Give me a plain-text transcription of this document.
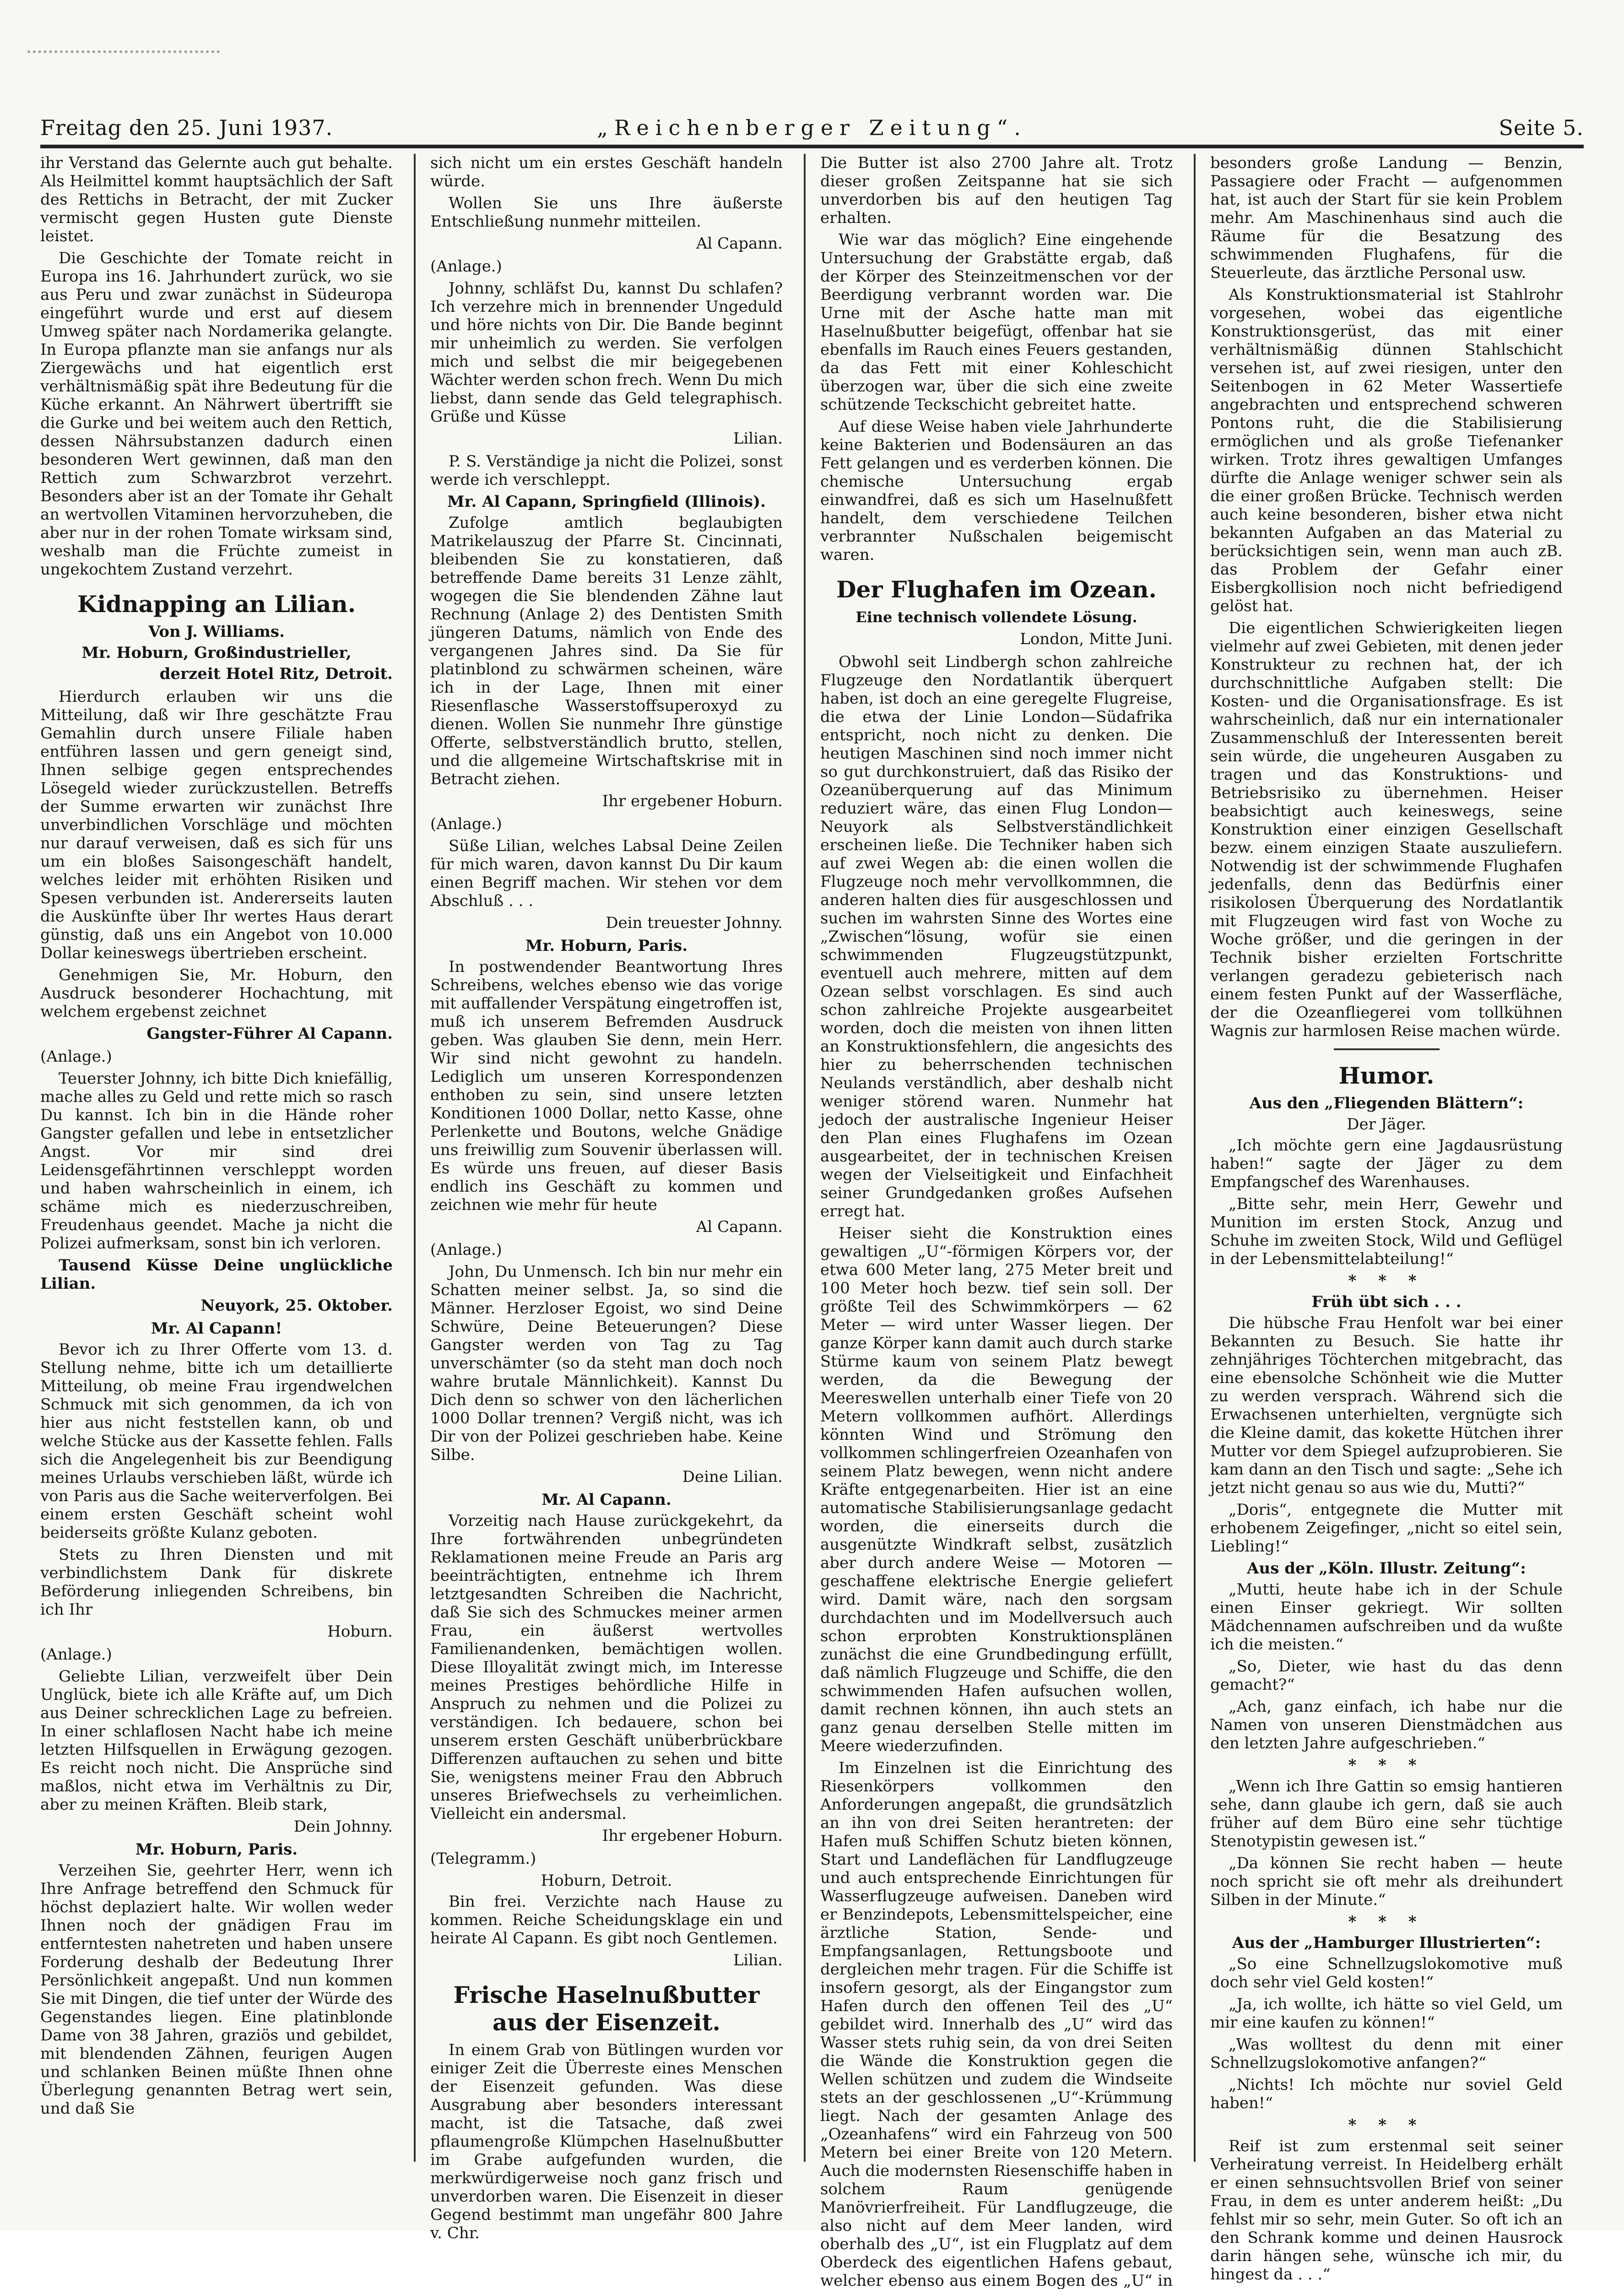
Freitag den 25. Juni 1937.	„Reichenberger Zeitung“.	Seite 5.

ihr Verstand das Gelernte auch gut behalte. Als Heilmittel kommt hauptsächlich der Saft des Rettichs in Betracht, der mit Zucker vermischt gegen Husten gute Dienste leistet.

Die Geschichte der Tomate reicht in Europa ins 16. Jahrhundert zurück, wo sie aus Peru und zwar zunächst in Südeuropa eingeführt wurde und erst auf diesem Umweg später nach Nordamerika gelangte. In Europa pflanzte man sie anfangs nur als Ziergewächs und hat eigentlich erst verhältnismäßig spät ihre Bedeutung für die Küche erkannt. An Nährwert übertrifft sie die Gurke und bei weitem auch den Rettich, dessen Nährsubstanzen dadurch einen besonderen Wert gewinnen, daß man den Rettich zum Schwarzbrot verzehrt. Besonders aber ist an der Tomate ihr Gehalt an wertvollen Vitaminen hervorzuheben, die aber nur in der rohen Tomate wirksam sind, weshalb man die Früchte zumeist in ungekochtem Zustand verzehrt.

Kidnapping an Lilian.
Von J. Williams.
Mr. Hoburn, Großindustrieller,
derzeit Hotel Ritz, Detroit.

Hierdurch erlauben wir uns die Mitteilung, daß wir Ihre geschätzte Frau Gemahlin durch unsere Filiale haben entführen lassen und gern geneigt sind, Ihnen selbige gegen entsprechendes Lösegeld wieder zurückzustellen. Betreffs der Summe erwarten wir zunächst Ihre unverbindlichen Vorschläge und möchten nur darauf verweisen, daß es sich für uns um ein bloßes Saisongeschäft handelt, welches leider mit erhöhten Risiken und Spesen verbunden ist. Andererseits lauten die Auskünfte über Ihr wertes Haus derart günstig, daß uns ein Angebot von 10.000 Dollar keineswegs übertrieben erscheint.

Genehmigen Sie, Mr. Hoburn, den Ausdruck besonderer Hochachtung, mit welchem ergebenst zeichnet

Gangster-Führer Al Capann.

(Anlage.)

Teuerster Johnny, ich bitte Dich kniefällig, mache alles zu Geld und rette mich so rasch Du kannst. Ich bin in die Hände roher Gangster gefallen und lebe in entsetzlicher Angst. Vor mir sind drei Leidensgefährtinnen verschleppt worden und haben wahrscheinlich in einem, ich schäme mich es niederzuschreiben, Freudenhaus geendet. Mache ja nicht die Polizei aufmerksam, sonst bin ich verloren.

Tausend Küsse Deine unglückliche Lilian.

Neuyork, 25. Oktober.
Mr. Al Capann!

Bevor ich zu Ihrer Offerte vom 13. d. Stellung nehme, bitte ich um detaillierte Mitteilung, ob meine Frau irgendwelchen Schmuck mit sich genommen, da ich von hier aus nicht feststellen kann, ob und welche Stücke aus der Kassette fehlen. Falls sich die Angelegenheit bis zur Beendigung meines Urlaubs verschieben läßt, würde ich von Paris aus die Sache weiterverfolgen. Bei einem ersten Geschäft scheint wohl beiderseits größte Kulanz geboten.

Stets zu Ihren Diensten und mit verbindlichstem Dank für diskrete Beförderung inliegenden Schreibens, bin ich Ihr

Hoburn.

(Anlage.)

Geliebte Lilian, verzweifelt über Dein Unglück, biete ich alle Kräfte auf, um Dich aus Deiner schrecklichen Lage zu befreien. In einer schlaflosen Nacht habe ich meine letzten Hilfsquellen in Erwägung gezogen. Es reicht noch nicht. Die Ansprüche sind maßlos, nicht etwa im Verhältnis zu Dir, aber zu meinen Kräften. Bleib stark,

Dein Johnny.
Mr. Hoburn, Paris.

Verzeihen Sie, geehrter Herr, wenn ich Ihre Anfrage betreffend den Schmuck für höchst deplaziert halte. Wir wollen weder Ihnen noch der gnädigen Frau im entferntesten nahetreten und haben unsere Forderung deshalb der Bedeutung Ihrer Persönlichkeit angepaßt. Und nun kommen Sie mit Dingen, die tief unter der Würde des Gegenstandes liegen. Eine platinblonde Dame von 38 Jahren, graziös und gebildet, mit blendenden Zähnen, feurigen Augen und schlanken Beinen müßte Ihnen ohne Überlegung genannten Betrag wert sein, und daß Sie

sich nicht um ein erstes Geschäft handeln würde.

Wollen Sie uns Ihre äußerste Entschließung nunmehr mitteilen.

Al Capann.

(Anlage.)

Johnny, schläfst Du, kannst Du schlafen? Ich verzehre mich in brennender Ungeduld und höre nichts von Dir. Die Bande beginnt mir unheimlich zu werden. Sie verfolgen mich und selbst die mir beigegebenen Wächter werden schon frech. Wenn Du mich liebst, dann sende das Geld telegraphisch. Grüße und Küsse

Lilian.

P. S. Verständige ja nicht die Polizei, sonst werde ich verschleppt.

Mr. Al Capann, Springfield (Illinois).

Zufolge amtlich beglaubigten Matrikelauszug der Pfarre St. Cincinnati, bleibenden Sie zu konstatieren, daß betreffende Dame bereits 31 Lenze zählt, wogegen die Sie blendenden Zähne laut Rechnung (Anlage 2) des Dentisten Smith jüngeren Datums, nämlich von Ende des vergangenen Jahres sind. Da Sie für platinblond zu schwärmen scheinen, wäre ich in der Lage, Ihnen mit einer Riesenflasche Wasserstoffsuperoxyd zu dienen. Wollen Sie nunmehr Ihre günstige Offerte, selbstverständlich brutto, stellen, und die allgemeine Wirtschaftskrise mit in Betracht ziehen.

Ihr ergebener Hoburn.

(Anlage.)

Süße Lilian, welches Labsal Deine Zeilen für mich waren, davon kannst Du Dir kaum einen Begriff machen. Wir stehen vor dem Abschluß . . .

Dein treuester Johnny.
Mr. Hoburn, Paris.

In postwendender Beantwortung Ihres Schreibens, welches ebenso wie das vorige mit auffallender Verspätung eingetroffen ist, muß ich unserem Befremden Ausdruck geben. Was glauben Sie denn, mein Herr. Wir sind nicht gewohnt zu handeln. Lediglich um unseren Korrespondenzen enthoben zu sein, sind unsere letzten Konditionen 1000 Dollar, netto Kasse, ohne Perlenkette und Boutons, welche Gnädige uns freiwillig zum Souvenir überlassen will. Es würde uns freuen, auf dieser Basis endlich ins Geschäft zu kommen und zeichnen wie mehr für heute

Al Capann.

(Anlage.)

John, Du Unmensch. Ich bin nur mehr ein Schatten meiner selbst. Ja, so sind die Männer. Herzloser Egoist, wo sind Deine Schwüre, Deine Beteuerungen? Diese Gangster werden von Tag zu Tag unverschämter (so da steht man doch noch wahre brutale Männlichkeit). Kannst Du Dich denn so schwer von den lächerlichen 1000 Dollar trennen? Vergiß nicht, was ich Dir von der Polizei geschrieben habe. Keine Silbe.

Deine Lilian.
Mr. Al Capann.

Vorzeitig nach Hause zurückgekehrt, da Ihre fortwährenden unbegründeten Reklamationen meine Freude an Paris arg beeinträchtigten, entnehme ich Ihrem letztgesandten Schreiben die Nachricht, daß Sie sich des Schmuckes meiner armen Frau, ein äußerst wertvolles Familienandenken, bemächtigen wollen. Diese Illoyalität zwingt mich, im Interesse meines Prestiges behördliche Hilfe in Anspruch zu nehmen und die Polizei zu verständigen. Ich bedauere, schon bei unserem ersten Geschäft unüberbrückbare Differenzen auftauchen zu sehen und bitte Sie, wenigstens meiner Frau den Abbruch unseres Briefwechsels zu verheimlichen. Vielleicht ein andersmal.

Ihr ergebener Hoburn.

(Telegramm.)

Hoburn, Detroit.

Bin frei. Verzichte nach Hause zu kommen. Reiche Scheidungsklage ein und heirate Al Capann. Es gibt noch Gentlemen.

Lilian.
Frische Haselnußbutter aus der Eisenzeit.

In einem Grab von Bütlingen wurden vor einiger Zeit die Überreste eines Menschen der Eisenzeit gefunden. Was diese Ausgrabung aber besonders interessant macht, ist die Tatsache, daß zwei pflaumengroße Klümpchen Haselnußbutter im Grabe aufgefunden wurden, die merkwürdigerweise noch ganz frisch und unverdorben waren. Die Eisenzeit in dieser Gegend bestimmt man ungefähr 800 Jahre v. Chr.

Die Butter ist also 2700 Jahre alt. Trotz dieser großen Zeitspanne hat sie sich unverdorben bis auf den heutigen Tag erhalten.

Wie war das möglich? Eine eingehende Untersuchung der Grabstätte ergab, daß der Körper des Steinzeitmenschen vor der Beerdigung verbrannt worden war. Die Urne mit der Asche hatte man mit Haselnußbutter beigefügt, offenbar hat sie ebenfalls im Rauch eines Feuers gestanden, da das Fett mit einer Kohleschicht überzogen war, über die sich eine zweite schützende Teckschicht gebreitet hatte.

Auf diese Weise haben viele Jahrhunderte keine Bakterien und Bodensäuren an das Fett gelangen und es verderben können. Die chemische Untersuchung ergab einwandfrei, daß es sich um Haselnußfett handelt, dem verschiedene Teilchen verbrannter Nußschalen beigemischt waren.

Der Flughafen im Ozean.
Eine technisch vollendete Lösung.
London, Mitte Juni.

Obwohl seit Lindbergh schon zahlreiche Flugzeuge den Nordatlantik überquert haben, ist doch an eine geregelte Flugreise, die etwa der Linie London—Südafrika entspricht, noch nicht zu denken. Die heutigen Maschinen sind noch immer nicht so gut durchkonstruiert, daß das Risiko der Ozeanüberquerung auf das Minimum reduziert wäre, das einen Flug London—Neuyork als Selbstverständlichkeit erscheinen ließe. Die Techniker haben sich auf zwei Wegen ab: die einen wollen die Flugzeuge noch mehr vervollkommnen, die anderen halten dies für ausgeschlossen und suchen im wahrsten Sinne des Wortes eine „Zwischen“lösung, wofür sie einen schwimmenden Flugzeugstützpunkt, eventuell auch mehrere, mitten auf dem Ozean selbst vorschlagen. Es sind auch schon zahlreiche Projekte ausgearbeitet worden, doch die meisten von ihnen litten an Konstruktionsfehlern, die angesichts des hier zu beherrschenden technischen Neulands verständlich, aber deshalb nicht weniger störend waren. Nunmehr hat jedoch der australische Ingenieur Heiser den Plan eines Flughafens im Ozean ausgearbeitet, der in technischen Kreisen wegen der Vielseitigkeit und Einfachheit seiner Grundgedanken großes Aufsehen erregt hat.

Heiser sieht die Konstruktion eines gewaltigen „U“-förmigen Körpers vor, der etwa 600 Meter lang, 275 Meter breit und 100 Meter hoch bezw. tief sein soll. Der größte Teil des Schwimmkörpers — 62 Meter — wird unter Wasser liegen. Der ganze Körper kann damit auch durch starke Stürme kaum von seinem Platz bewegt werden, da die Bewegung der Meereswellen unterhalb einer Tiefe von 20 Metern vollkommen aufhört. Allerdings könnten Wind und Strömung den vollkommen schlingerfreien Ozeanhafen von seinem Platz bewegen, wenn nicht andere Kräfte entgegenarbeiten. Hier ist an eine automatische Stabilisierungsanlage gedacht worden, die einerseits durch die ausgenützte Windkraft selbst, zusätzlich aber durch andere Weise — Motoren — geschaffene elektrische Energie geliefert wird. Damit wäre, nach den sorgsam durchdachten und im Modellversuch auch schon erprobten Konstruktionsplänen zunächst die eine Grundbedingung erfüllt, daß nämlich Flugzeuge und Schiffe, die den schwimmenden Hafen aufsuchen wollen, damit rechnen können, ihn auch stets an ganz genau derselben Stelle mitten im Meere wiederzufinden.

Im Einzelnen ist die Einrichtung des Riesenkörpers vollkommen den Anforderungen angepaßt, die grundsätzlich an ihn von drei Seiten herantreten: der Hafen muß Schiffen Schutz bieten können, Start und Landeflächen für Landflugzeuge und auch entsprechende Einrichtungen für Wasserflugzeuge aufweisen. Daneben wird er Benzindepots, Lebensmittelspeicher, eine ärztliche Station, Sende- und Empfangsanlagen, Rettungsboote und dergleichen mehr tragen. Für die Schiffe ist insofern gesorgt, als der Eingangstor zum Hafen durch den offenen Teil des „U“ gebildet wird. Innerhalb des „U“ wird das Wasser stets ruhig sein, da von drei Seiten die Wände die Konstruktion gegen die Wellen schützen und zudem die Windseite stets an der geschlossenen „U“-Krümmung liegt. Nach der gesamten Anlage des „Ozeanhafens“ wird ein Fahrzeug von 500 Metern bei einer Breite von 120 Metern. Auch die modernsten Riesenschiffe haben in solchem Raum genügende Manövrierfreiheit. Für Landflugzeuge, die also nicht auf dem Meer landen, wird oberhalb des „U“, ist ein Flugplatz auf dem Oberdeck des eigentlichen Hafens gebaut, welcher ebenso aus einem Bogen des „U“ in

besonders große Landung — Benzin, Passagiere oder Fracht — aufgenommen hat, ist auch der Start für sie kein Problem mehr. Am Maschinenhaus sind auch die Räume für die Besatzung des schwimmenden Flughafens, für die Steuerleute, das ärztliche Personal usw.

Als Konstruktionsmaterial ist Stahlrohr vorgesehen, wobei das eigentliche Konstruktionsgerüst, das mit einer verhältnismäßig dünnen Stahlschicht versehen ist, auf zwei riesigen, unter den Seitenbogen in 62 Meter Wassertiefe angebrachten und entsprechend schweren Pontons ruht, die die Stabilisierung ermöglichen und als große Tiefenanker wirken. Trotz ihres gewaltigen Umfanges dürfte die Anlage weniger schwer sein als die einer großen Brücke. Technisch werden auch keine besonderen, bisher etwa nicht bekannten Aufgaben an das Material zu berücksichtigen sein, wenn man auch zB. das Problem der Gefahr einer Eisbergkollision noch nicht befriedigend gelöst hat.

Die eigentlichen Schwierigkeiten liegen vielmehr auf zwei Gebieten, mit denen jeder Konstrukteur zu rechnen hat, der ich durchschnittliche Aufgaben stellt: Die Kosten- und die Organisationsfrage. Es ist wahrscheinlich, daß nur ein internationaler Zusammenschluß der Interessenten bereit sein würde, die ungeheuren Ausgaben zu tragen und das Konstruktions- und Betriebsrisiko zu übernehmen. Heiser beabsichtigt auch keineswegs, seine Konstruktion einer einzigen Gesellschaft bezw. einem einzigen Staate auszuliefern. Notwendig ist der schwimmende Flughafen jedenfalls, denn das Bedürfnis einer risikolosen Überquerung des Nordatlantik mit Flugzeugen wird fast von Woche zu Woche größer, und die geringen in der Technik bisher erzielten Fortschritte verlangen geradezu gebieterisch nach einem festen Punkt auf der Wasserfläche, der die Ozeanfliegerei vom tollkühnen Wagnis zur harmlosen Reise machen würde.

Humor.
Aus den „Fliegenden Blättern“:
Der Jäger.

„Ich möchte gern eine Jagdausrüstung haben!“ sagte der Jäger zu dem Empfangschef des Warenhauses.

„Bitte sehr, mein Herr, Gewehr und Munition im ersten Stock, Anzug und Schuhe im zweiten Stock, Wild und Geflügel in der Lebensmittelabteilung!“

* * *
Früh übt sich . . .

Die hübsche Frau Henfolt war bei einer Bekannten zu Besuch. Sie hatte ihr zehnjähriges Töchterchen mitgebracht, das eine ebensolche Schönheit wie die Mutter zu werden versprach. Während sich die Erwachsenen unterhielten, vergnügte sich die Kleine damit, das kokette Hütchen ihrer Mutter vor dem Spiegel aufzuprobieren. Sie kam dann an den Tisch und sagte: „Sehe ich jetzt nicht genau so aus wie du, Mutti?“

„Doris“, entgegnete die Mutter mit erhobenem Zeigefinger, „nicht so eitel sein, Liebling!“

Aus der „Köln. Illustr. Zeitung“:

„Mutti, heute habe ich in der Schule einen Einser gekriegt. Wir sollten Mädchennamen aufschreiben und da wußte ich die meisten.“

„So, Dieter, wie hast du das denn gemacht?“

„Ach, ganz einfach, ich habe nur die Namen von unseren Dienstmädchen aus den letzten Jahre aufgeschrieben.“

* * *

„Wenn ich Ihre Gattin so emsig hantieren sehe, dann glaube ich gern, daß sie auch früher auf dem Büro eine sehr tüchtige Stenotypistin gewesen ist.“

„Da können Sie recht haben — heute noch spricht sie oft mehr als dreihundert Silben in der Minute.“

* * *
Aus der „Hamburger Illustrierten“:

„So eine Schnellzugslokomotive muß doch sehr viel Geld kosten!“

„Ja, ich wollte, ich hätte so viel Geld, um mir eine kaufen zu können!“

„Was wolltest du denn mit einer Schnellzugslokomotive anfangen?“

„Nichts! Ich möchte nur soviel Geld haben!“

* * *

Reif ist zum erstenmal seit seiner Verheiratung verreist. In Heidelberg erhält er einen sehnsuchtsvollen Brief von seiner Frau, in dem es unter anderem heißt: „Du fehlst mir so sehr, mein Guter. So oft ich an den Schrank komme und deinen Hausrock darin hängen sehe, wünsche ich mir, du hingest da . . .“
